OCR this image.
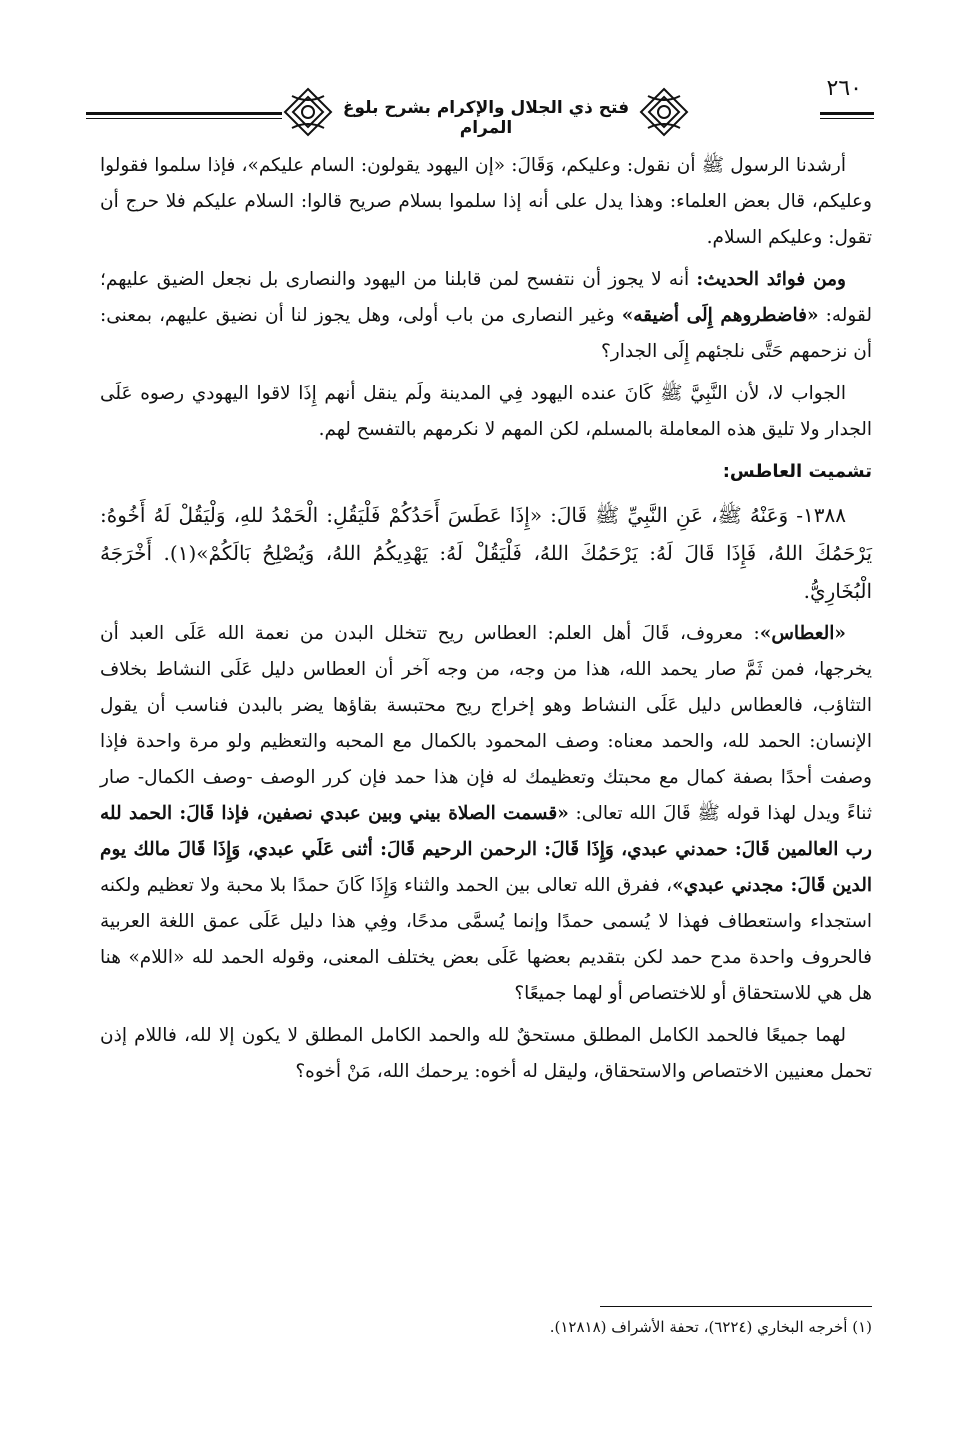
فتح ذي الجلال والإكرام بشرح بلوغ المرام
٢٦٠

أرشدنا الرسول ﷺ أن نقول: وعليكم، وَقَالَ: «إن اليهود يقولون: السام عليكم»، فإذا سلموا فقولوا وعليكم، قال بعض العلماء: وهذا يدل على أنه إذا سلموا بسلام صريح قالوا: السلام عليكم فلا حرج أن تقول: وعليكم السلام.

ومن فوائد الحديث: أنه لا يجوز أن نتفسح لمن قابلنا من اليهود والنصارى بل نجعل الضيق عليهم؛ لقوله: «فاضطروهم إِلَى أضيقه» وغير النصارى من باب أولى، وهل يجوز لنا أن نضيق عليهم، بمعنى: أن نزحمهم حَتَّى نلجئهم إِلَى الجدار؟

الجواب لا، لأن النَّبِيَّ ﷺ كَانَ عنده اليهود فِي المدينة ولَم ينقل أنهم إِذَا لاقوا اليهودي رصوه عَلَى الجدار ولا تليق هذه المعاملة بالمسلم، لكن المهم لا نكرمهم بالتفسح لهم.

تشميت العاطس:

١٣٨٨- وَعَنْهُ ﷺ، عَنِ النَّبِيِّ ﷺ قَالَ: «إِذَا عَطَسَ أَحَدُكُمْ فَلْيَقُلِ: الْحَمْدُ للهِ، وَلْيَقُلْ لَهُ أَخُوهُ: يَرْحَمُكَ اللهُ، فَإِذَا قَالَ لَهُ: يَرْحَمُكَ اللهُ، فَلْيَقُلْ لَهُ: يَهْدِيكُمُ اللهُ، وَيُصْلِحُ بَالَكُمْ»(١). أَخْرَجَهُ الْبُخَارِيُّ.

«العطاس»: معروف، قَالَ أهل العلم: العطاس ريح تتخلل البدن من نعمة الله عَلَى العبد أن يخرجها، فمن ثَمَّ صار يحمد الله، هذا من وجه، من وجه آخر أن العطاس دليل عَلَى النشاط بخلاف التثاؤب، فالعطاس دليل عَلَى النشاط وهو إخراج ريح محتبسة بقاؤها يضر بالبدن فناسب أن يقول الإنسان: الحمد لله، والحمد معناه: وصف المحمود بالكمال مع المحبه والتعظيم ولو مرة واحدة فإذا وصفت أحدًا بصفة كمال مع محبتك وتعظيمك له فإن هذا حمد فإن كرر الوصف -وصف الكمال- صار ثناءً ويدل لهذا قوله ﷺ قَالَ الله تعالى: «قسمت الصلاة بيني وبين عبدي نصفين، فإذا قَالَ: الحمد لله رب العالمين قَالَ: حمدني عبدي، وَإِذَا قَالَ: الرحمن الرحيم قَالَ: أثنى عَلَي عبدي، وَإِذَا قَالَ مالك يوم الدين قَالَ: مجدني عبدي»، ففرق الله تعالى بين الحمد والثناء وَإِذَا كَانَ حمدًا بلا محبة ولا تعظيم ولكنه استجداء واستعطاف فهذا لا يُسمى حمدًا وإنما يُسمَّى مدحًا، وفِي هذا دليل عَلَى عمق اللغة العربية فالحروف واحدة مدح حمد لكن بتقديم بعضها عَلَى بعض يختلف المعنى، وقوله الحمد لله «اللام» هنا هل هي للاستحقاق أو للاختصاص أو لهما جميعًا؟

لهما جميعًا فالحمد الكامل المطلق مستحقٌ لله والحمد الكامل المطلق لا يكون إلا لله، فاللام إذن تحمل معنيين الاختصاص والاستحقاق، وليقل له أخوه: يرحمك الله، مَنْ أخوه؟

(١) أخرجه البخاري (٦٢٢٤)، تحفة الأشراف (١٢٨١٨).
